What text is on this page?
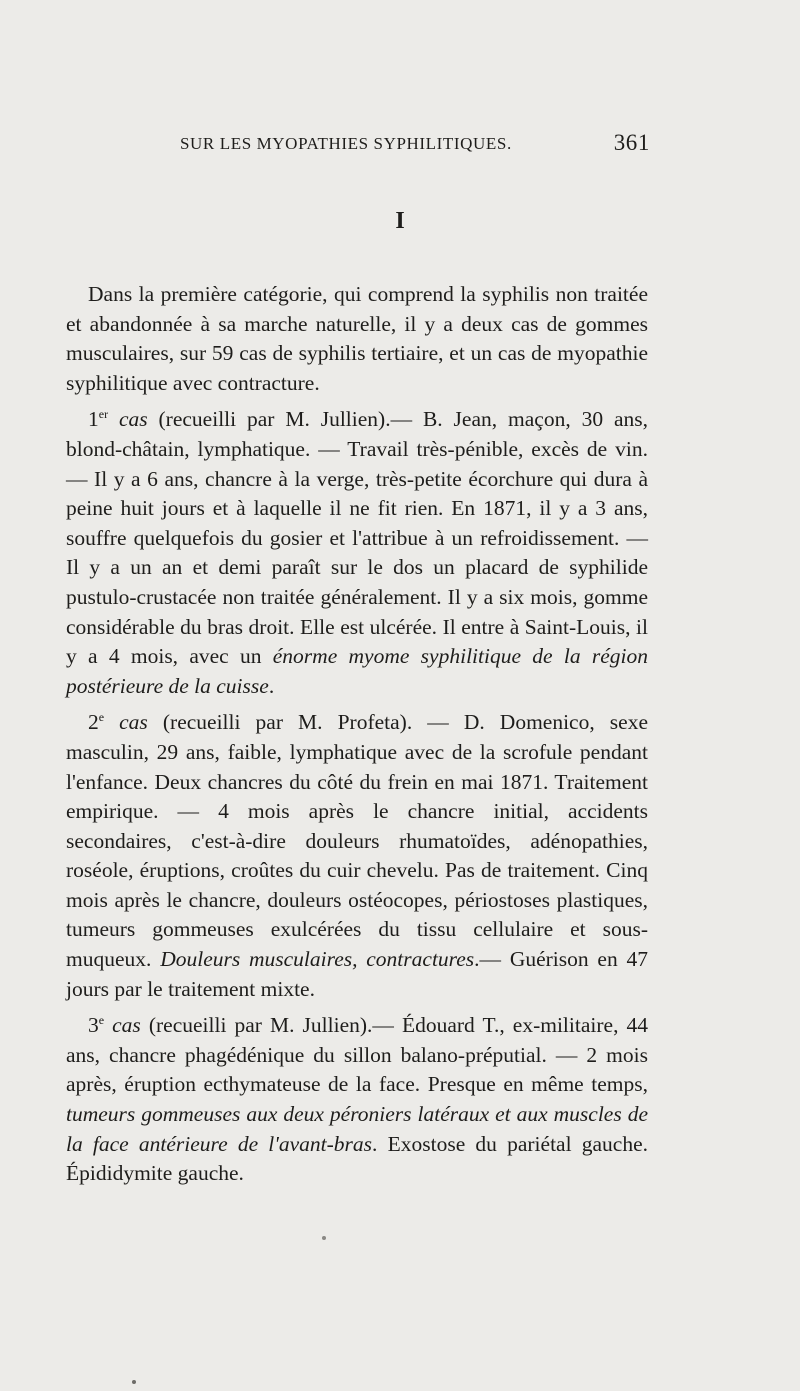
SUR LES MYOPATHIES SYPHILITIQUES.	361
I

Dans la première catégorie, qui comprend la syphilis non traitée et abandonnée à sa marche naturelle, il y a deux cas de gommes musculaires, sur 59 cas de syphilis tertiaire, et un cas de myopathie syphilitique avec contracture.

1er cas (recueilli par M. Jullien).— B. Jean, maçon, 30 ans, blond-châtain, lymphatique. — Travail très-pénible, excès de vin. — Il y a 6 ans, chancre à la verge, très-petite écorchure qui dura à peine huit jours et à laquelle il ne fit rien. En 1871, il y a 3 ans, souffre quelquefois du gosier et l'attribue à un refroidissement. — Il y a un an et demi paraît sur le dos un placard de syphilide pustulo-crustacée non traitée généralement. Il y a six mois, gomme considérable du bras droit. Elle est ulcérée. Il entre à Saint-Louis, il y a 4 mois, avec un énorme myome syphilitique de la région postérieure de la cuisse.

2e cas (recueilli par M. Profeta). — D. Domenico, sexe masculin, 29 ans, faible, lymphatique avec de la scrofule pendant l'enfance. Deux chancres du côté du frein en mai 1871. Traitement empirique. — 4 mois après le chancre initial, accidents secondaires, c'est-à-dire douleurs rhumatoïdes, adénopathies, roséole, éruptions, croûtes du cuir chevelu. Pas de traitement. Cinq mois après le chancre, douleurs ostéocopes, périostoses plastiques, tumeurs gommeuses exulcérées du tissu cellulaire et sous-muqueux. Douleurs musculaires, contractures.— Guérison en 47 jours par le traitement mixte.

3e cas (recueilli par M. Jullien).— Édouard T., ex-militaire, 44 ans, chancre phagédénique du sillon balano-préputial. — 2 mois après, éruption ecthymateuse de la face. Presque en même temps, tumeurs gommeuses aux deux péroniers latéraux et aux muscles de la face antérieure de l'avant-bras. Exostose du pariétal gauche. Épididymite gauche.
